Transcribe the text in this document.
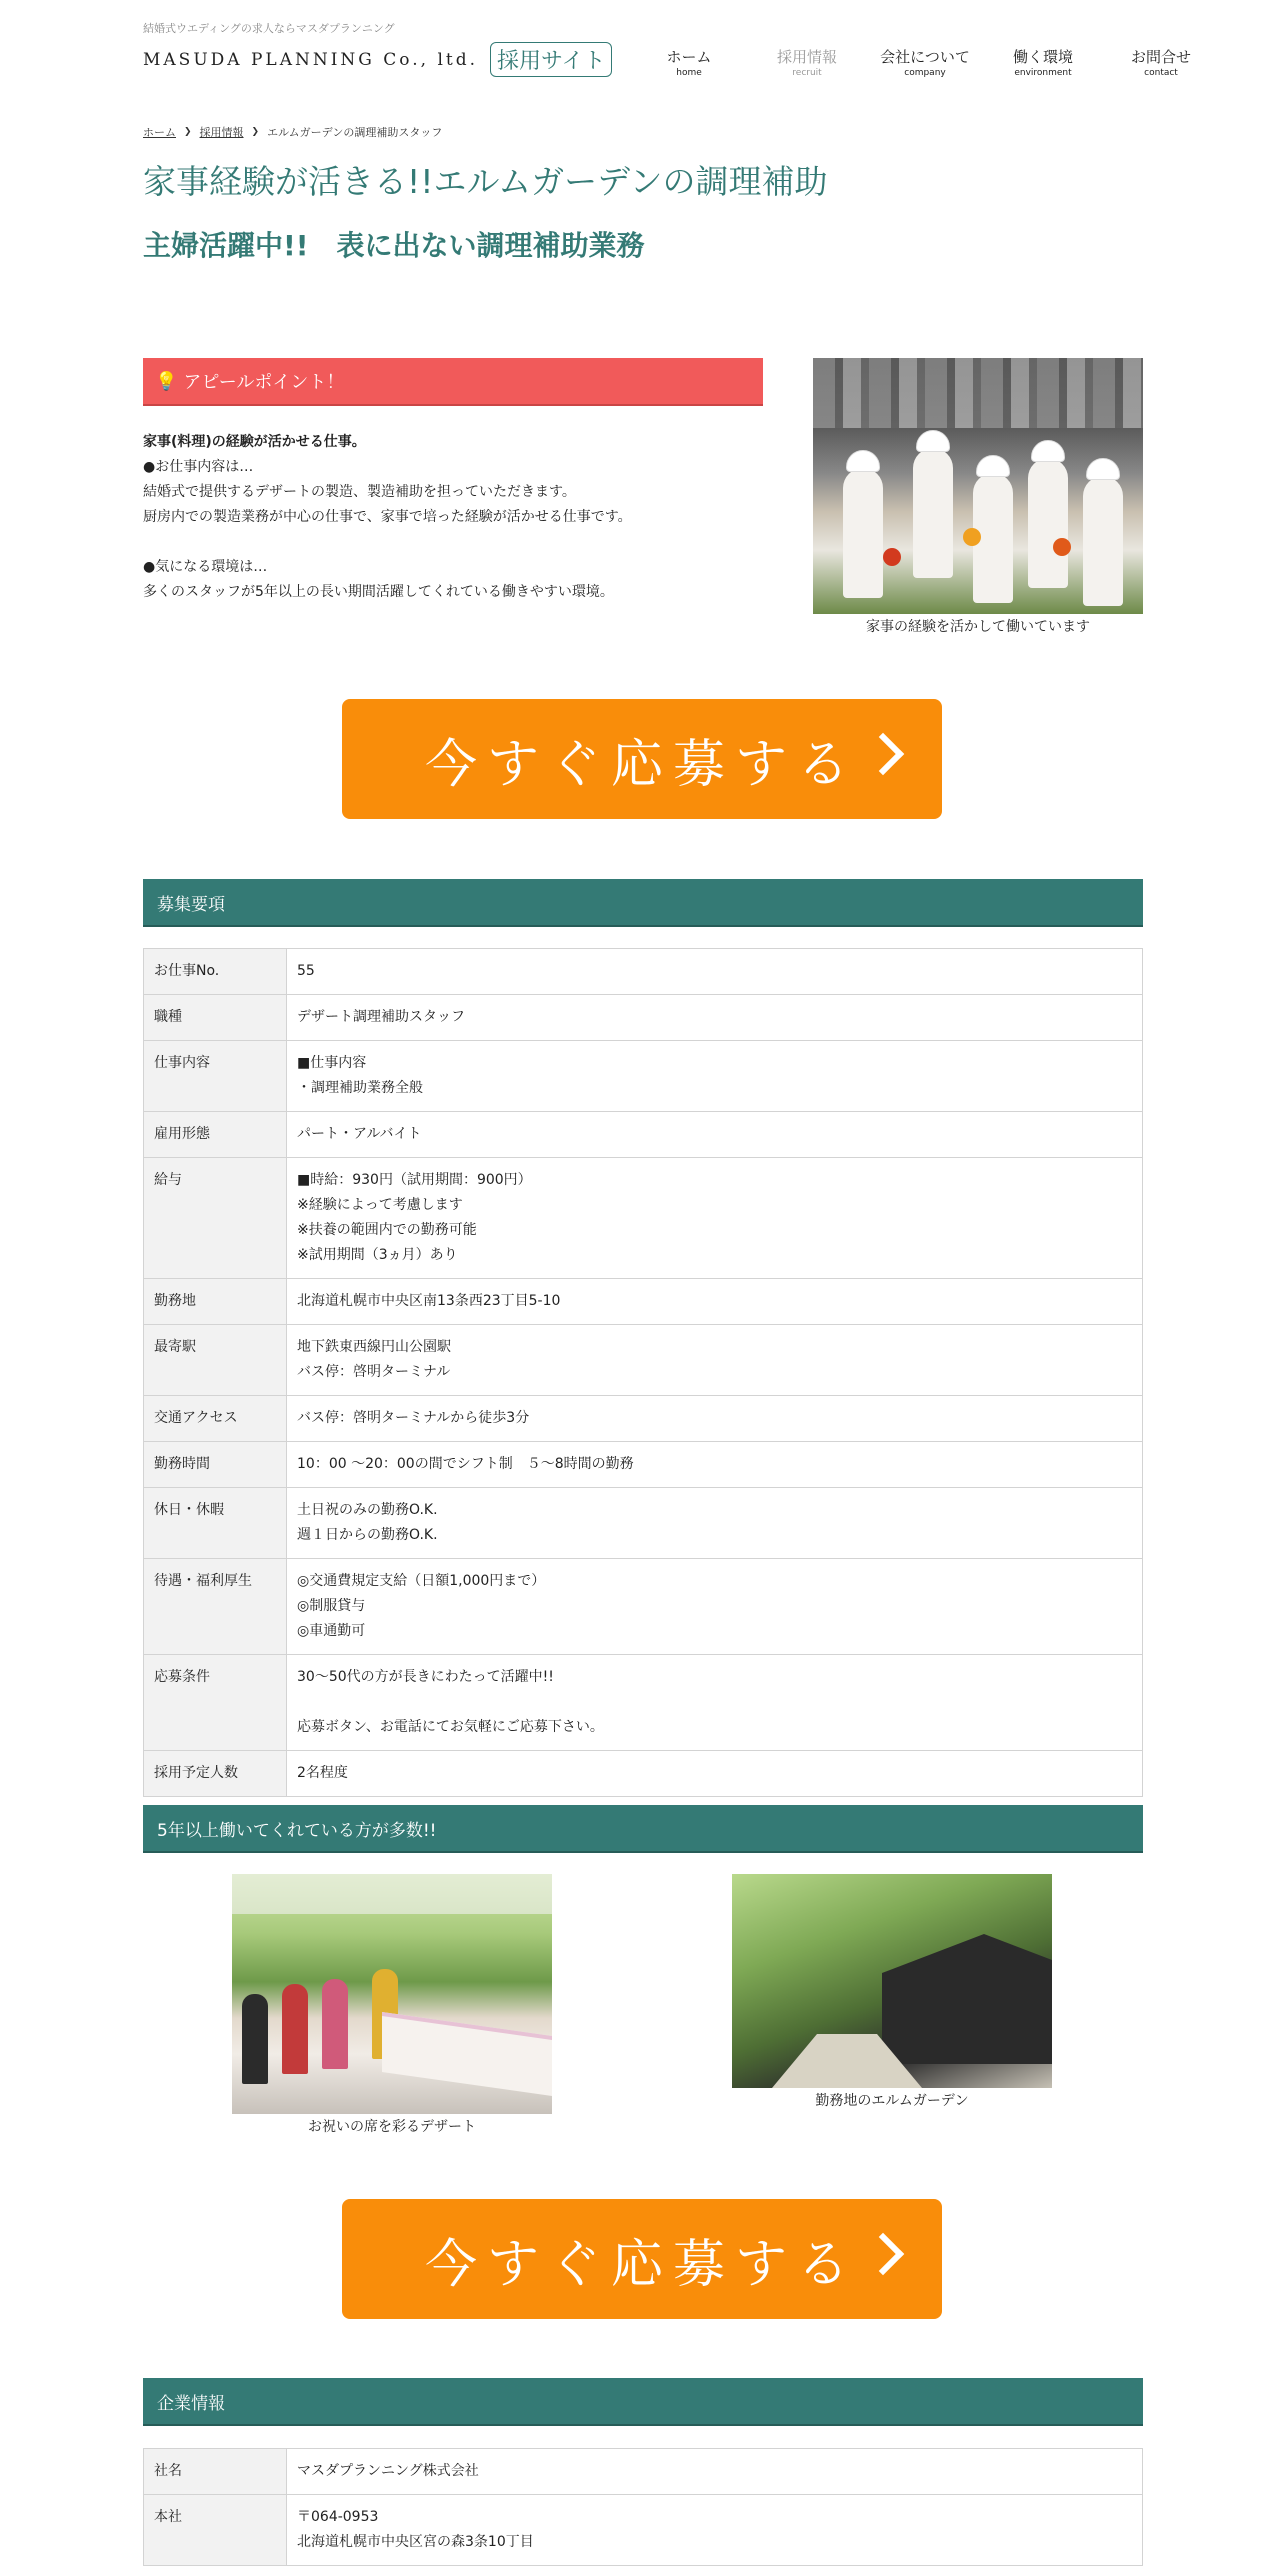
結婚式ウエディングの求人ならマスダプランニング
MASUDA PLANNING Co., ltd. 採用サイト	ホーム
home
採用情報
recruit
会社について
company
働く環境
environment
お問合せ
contact
ホーム ❯ 採用情報 ❯ エルムガーデンの調理補助スタッフ
家事経験が活きる!!エルムガーデンの調理補助
主婦活躍中!!　表に出ない調理補助業務
💡 アピールポイント！
家事(料理)の経験が活かせる仕事。
●お仕事内容は…
結婚式で提供するデザートの製造、製造補助を担っていただきます。
厨房内での製造業務が中心の仕事で、家事で培った経験が活かせる仕事です。
●気になる環境は…
多くのスタッフが5年以上の長い期間活躍してくれている働きやすい環境。
家事の経験を活かして働いています
今すぐ応募する
募集要項
お仕事No.	55

職種	デザート調理補助スタッフ

仕事内容	■仕事内容
・調理補助業務全般

雇用形態	パート・アルバイト

給与	■時給：930円（試用期間：900円）
※経験によって考慮します
※扶養の範囲内での勤務可能
※試用期間（3ヵ月）あり

勤務地	北海道札幌市中央区南13条西23丁目5-10

最寄駅	地下鉄東西線円山公園駅
バス停：啓明ターミナル

交通アクセス	バス停：啓明ターミナルから徒歩3分

勤務時間	10：00 ～20：00の間でシフト制　５～8時間の勤務

休日・休暇	土日祝のみの勤務O.K.
週１日からの勤務O.K.

待遇・福利厚生	◎交通費規定支給（日額1,000円まで）
◎制服貸与
◎車通勤可

応募条件	30～50代の方が長きにわたって活躍中!!
応募ボタン、お電話にてお気軽にご応募下さい。

採用予定人数	2名程度
5年以上働いてくれている方が多数!!
お祝いの席を彩るデザート
勤務地のエルムガーデン
今すぐ応募する
企業情報
社名	マスダプランニング株式会社

本社	〒064-0953
北海道札幌市中央区宮の森3条10丁目
